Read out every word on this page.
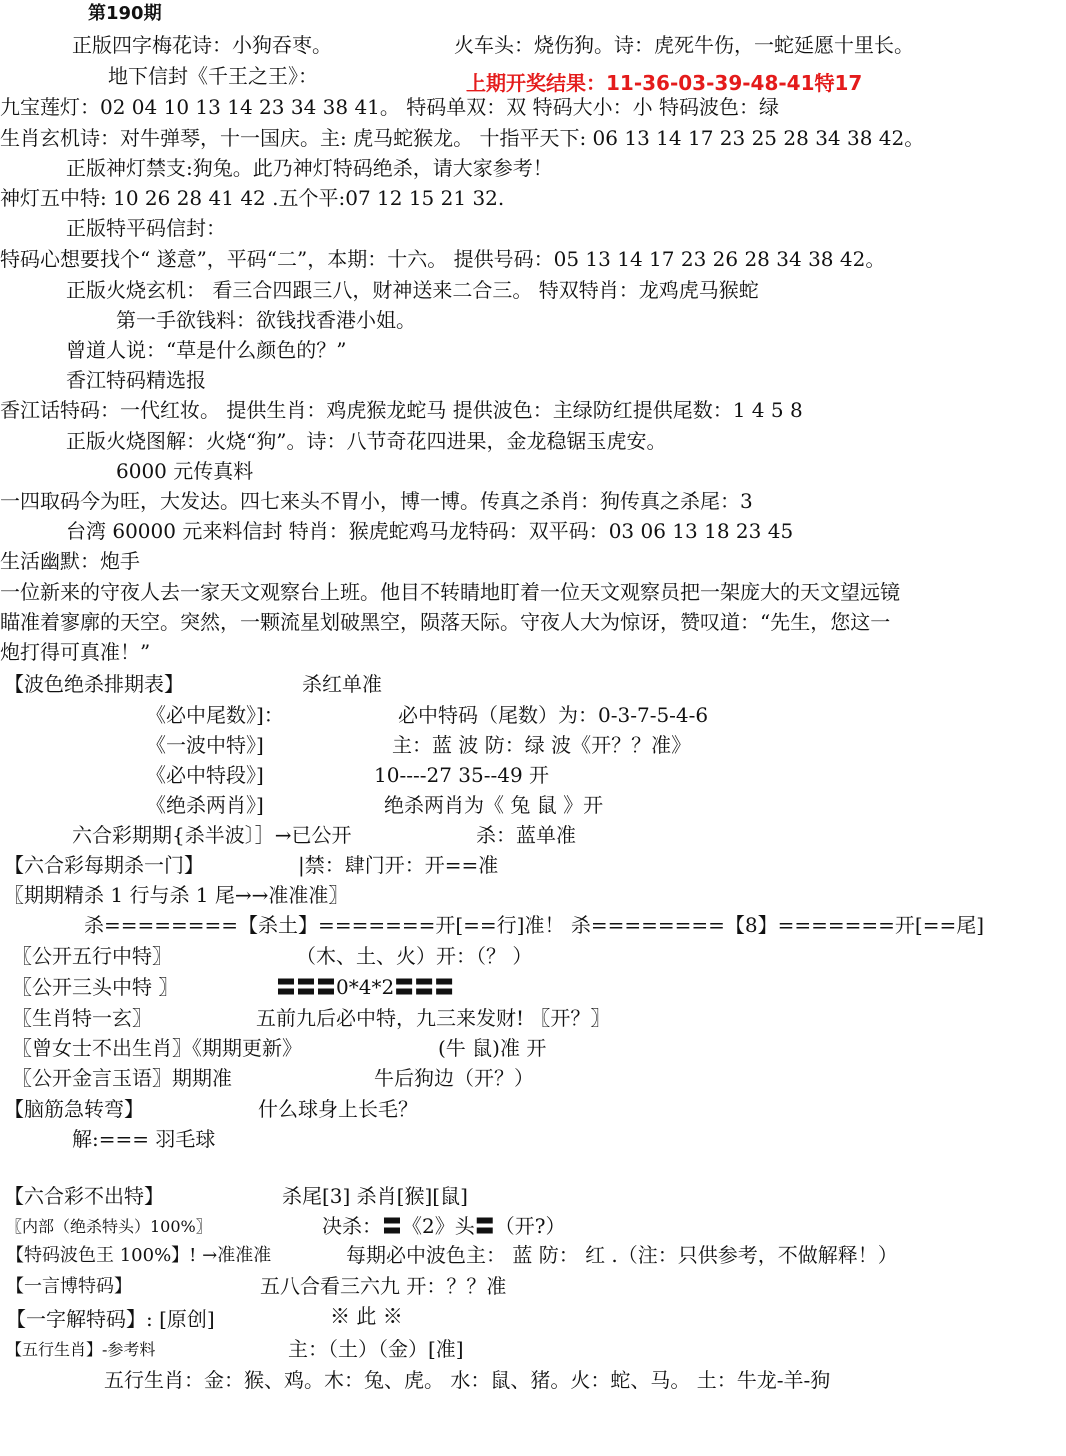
第190期
正版四字梅花诗：小狗吞枣。	火车头：烧伤狗。诗：虎死牛伤，一蛇延愿十里长。
地下信封《千王之王》：	上期开奖结果：11-36-03-39-48-41特17
九宝莲灯：02 04 10 13 14 23 34 38 41。 特码单双：双 特码大小：小 特码波色：绿
生肖玄机诗：对牛弹琴，十一国庆。主: 虎马蛇猴龙。 十指平天下: 06 13 14 17 23 25 28 34 38 42。
正版神灯禁支:狗兔。此乃神灯特码绝杀，请大家参考！
神灯五中特: 10 26 28 41 42 .五个平:07 12 15 21 32.
正版特平码信封：
特码心想要找个“ 遂意”，平码“二”，本期：十六。 提供号码：05 13 14 17 23 26 28 34 38 42。
正版火烧玄机： 看三合四跟三八，财神送来二合三。 特双特肖：龙鸡虎马猴蛇
第一手欲钱料：欲钱找香港小姐。
曾道人说：“草是什么颜色的？”
香江特码精选报
香江话特码：一代红妆。 提供生肖：鸡虎猴龙蛇马 提供波色：主绿防红提供尾数：1 4 5 8
正版火烧图解：火烧“狗”。诗：八节奇花四进果，金龙稳锯玉虎安。
6000 元传真料
一四取码今为旺，大发达。四七来头不胃小，博一博。传真之杀肖：狗传真之杀尾：3
台湾 60000 元来料信封 特肖：猴虎蛇鸡马龙特码：双平码：03 06 13 18 23 45
生活幽默：炮手
一位新来的守夜人去一家天文观察台上班。他目不转睛地盯着一位天文观察员把一架庞大的天文望远镜
瞄准着寥廓的天空。突然，一颗流星划破黑空，陨落天际。守夜人大为惊讶，赞叹道：“先生，您这一
炮打得可真准！”
【波色绝杀排期表】	杀红单准
《必中尾数》]：	必中特码（尾数）为：0-3-7-5-4-6
《一波中特》]	主：蓝 波 防：绿 波《开？？准》
《必中特段》]	10----27 35--49 开
《绝杀两肖》]	绝杀两肖为《 兔 鼠 》开
六合彩期期{杀半波〕］→已公开	杀：蓝单准
【六合彩每期杀一门】	|禁：肆门开：开==准
〖期期精杀 1 行与杀 1 尾→→准准准〗
杀========【杀土】=======开[==行]准！ 杀========【8】=======开[==尾]
〖公开五行中特〗	（木、土、火）开：（？ ）
〖公开三头中特 〗	〓〓〓0*4*2〓〓〓
〖生肖特一玄〗	五前九后必中特，九三来发财! 〖开？〗
〖曾女士不出生肖〗《期期更新》	(牛 鼠)准 开
〖公开金言玉语〗期期准	牛后狗边（开？）
【脑筋急转弯】	什么球身上长毛？
解:=== 羽毛球
【六合彩不出特】	杀尾[3] 杀肖[猴][鼠]
〖内部（绝杀特头）100%〗	决杀：〓《2》头〓（开?）
【特码波色王 100%】! →准准准	每期必中波色主： 蓝 防： 红 .（注：只供参考，不做解释！）
【一言博特码】	五八合看三六九 开：？？准
【一字解特码】: [原创]	※ 此 ※
【五行生肖】-参考料	主：（土）（金）[准]
五行生肖：金：猴、鸡。木：兔、虎。 水：鼠、猪。火：蛇、马。 土：牛龙-羊-狗
